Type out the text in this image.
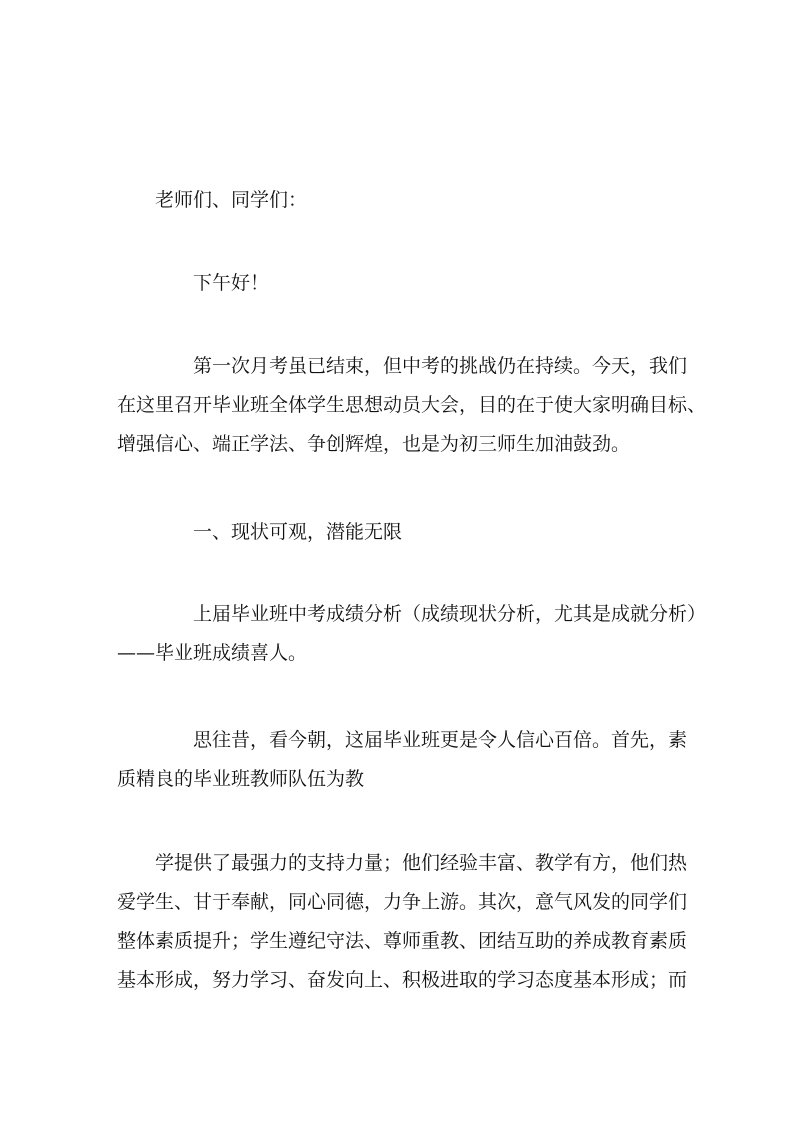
老师们、同学们：
下午好！
第一次月考虽已结束，但中考的挑战仍在持续。今天，我们
在这里召开毕业班全体学生思想动员大会，目的在于使大家明确目标、
增强信心、端正学法、争创辉煌，也是为初三师生加油鼓劲。
一、现状可观，潜能无限
上届毕业班中考成绩分析（成绩现状分析，尤其是成就分析）
——毕业班成绩喜人。
思往昔，看今朝，这届毕业班更是令人信心百倍。首先，素
质精良的毕业班教师队伍为教
学提供了最强力的支持力量；他们经验丰富、教学有方，他们热
爱学生、甘于奉献，同心同德，力争上游。其次，意气风发的同学们
整体素质提升；学生遵纪守法、尊师重教、团结互助的养成教育素质
基本形成，努力学习、奋发向上、积极进取的学习态度基本形成；而
